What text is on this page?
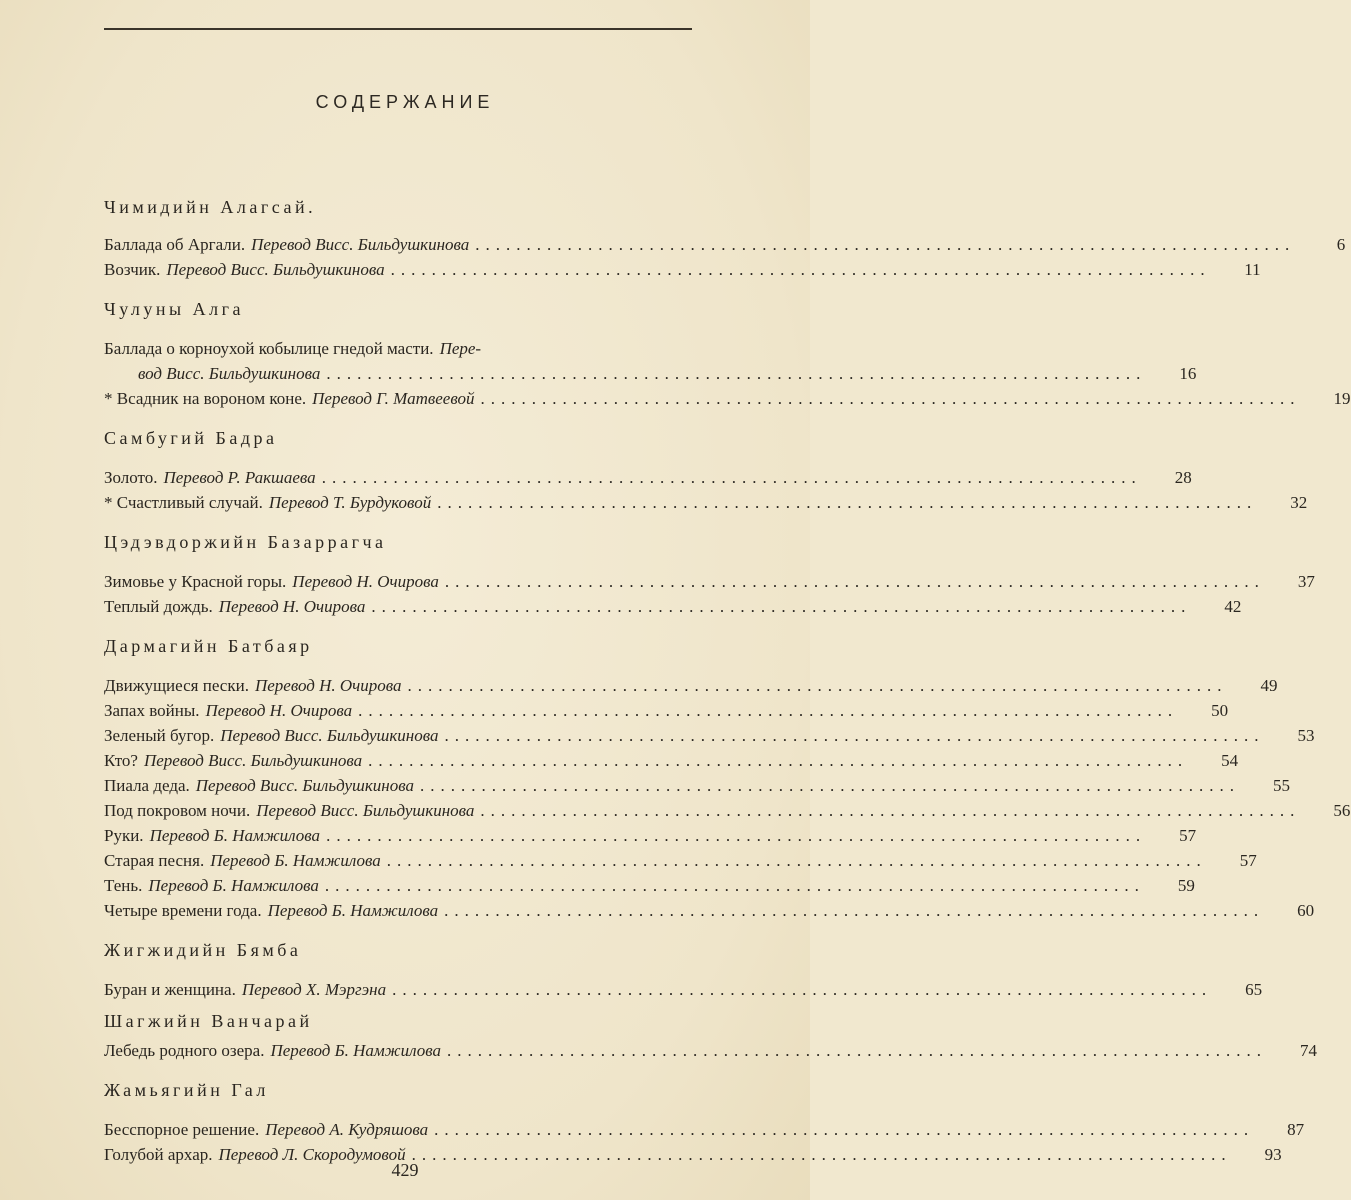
СОДЕРЖАНИЕ
Чимидийн Алагсай.
Баллада об Аргали. Перевод Висс. Бильдушкинова ................................................................................	6
Возчик. Перевод Висс. Бильдушкинова ................................................................................	11
Чулуны Алга
Баллада о корноухой кобылице гнедой масти. Пере-
вод Висс. Бильдушкинова ................................................................................	16
* Всадник на вороном коне. Перевод Г. Матвеевой ................................................................................	19
Самбугий Бадра
Золото. Перевод Р. Ракшаева ................................................................................	28
* Счастливый случай. Перевод Т. Бурдуковой ................................................................................	32
Цэдэвдоржийн Базаррагча
Зимовье у Красной горы. Перевод Н. Очирова ................................................................................	37
Теплый дождь. Перевод Н. Очирова ................................................................................	42
Дармагийн Батбаяр
Движущиеся пески. Перевод Н. Очирова ................................................................................	49
Запах войны. Перевод Н. Очирова ................................................................................	50
Зеленый бугор. Перевод Висс. Бильдушкинова ................................................................................	53
Кто? Перевод Висс. Бильдушкинова ................................................................................	54
Пиала деда. Перевод Висс. Бильдушкинова ................................................................................	55
Под покровом ночи. Перевод Висс. Бильдушкинова ................................................................................	56
Руки. Перевод Б. Намжилова ................................................................................	57
Старая песня. Перевод Б. Намжилова ................................................................................	57
Тень. Перевод Б. Намжилова ................................................................................	59
Четыре времени года. Перевод Б. Намжилова ................................................................................	60
Жигжидийн Бямба
Буран и женщина. Перевод Х. Мэргэна ................................................................................	65
Шагжийн Ванчарай
Лебедь родного озера. Перевод Б. Намжилова ................................................................................	74
Жамьягийн Гал
Бесспорное решение. Перевод А. Кудряшова ................................................................................	87
Голубой архар. Перевод Л. Скородумовой ................................................................................	93
429
